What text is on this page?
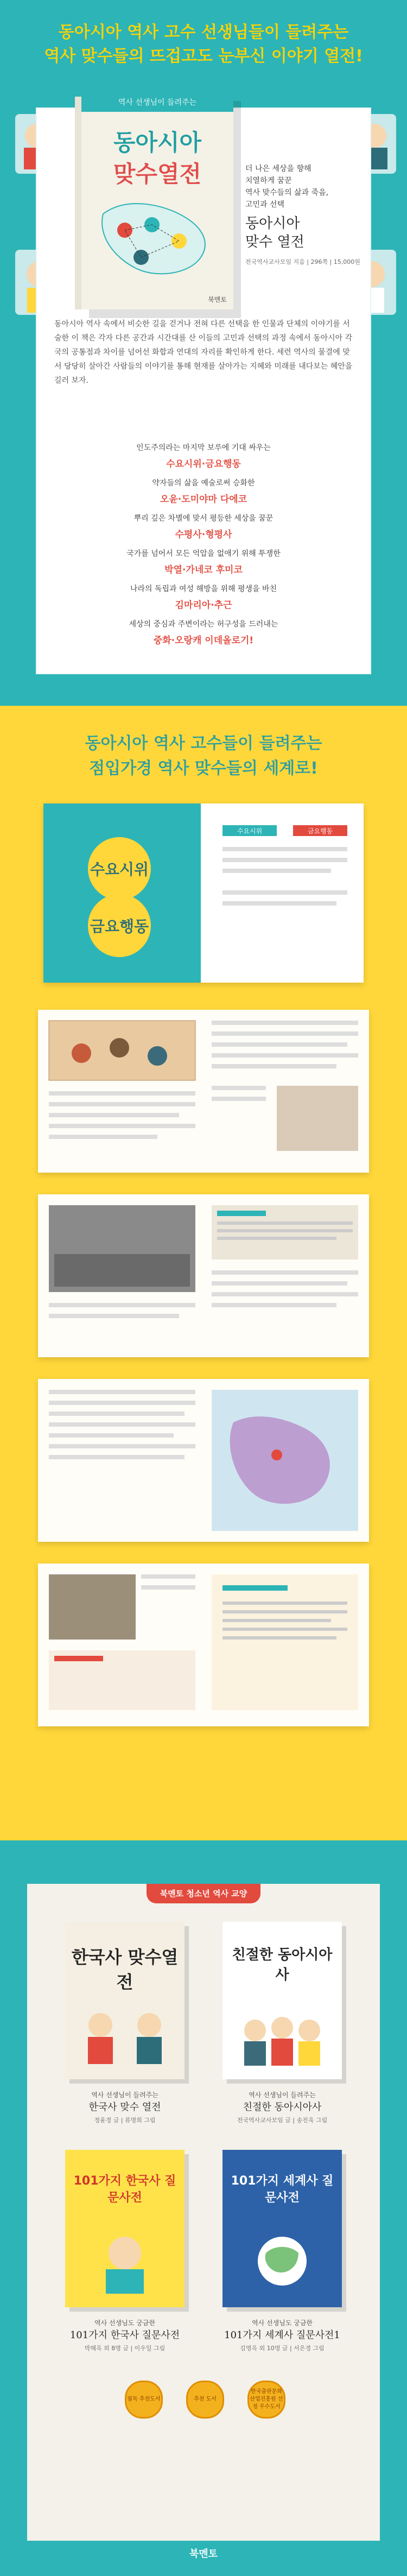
동아시아 역사 고수 선생님들이 들려주는
역사 맞수들의 뜨겁고도 눈부신 이야기 열전!
역사 선생님이 들려주는
동아시아
맞수열전
북멘토
더 나은 세상을 향해
치열하게 꿈꾼
역사 맞수들의 삶과 죽음,
고민과 선택
동아시아
맞수 열전
전국역사교사모임 지음 | 296쪽 | 15,000원
동아시아 역사 속에서 비슷한 길을 걷거나 전혀 다른 선택을 한 인물과 단체의 이야기를 서술한 이 책은 각자 다른 공간과 시간대를 산 이들의 고민과 선택의 과정 속에서 동아시아 각국의 공통점과 차이를 넘어선 화합과 연대의 자리를 확인하게 한다. 세련 역사의 물결에 맞서 당당히 살아간 사람들의 이야기를 통해 현재를 살아가는 지혜와 미래를 내다보는 혜안을 길러 보자.
인도주의라는 마지막 보루에 기대 싸우는
수요시위·금요행동
약자들의 삶을 예술로써 승화한
오윤·도미야마 다에코
뿌리 깊은 차별에 맞서 평등한 세상을 꿈꾼
수평사·형평사
국가를 넘어서 모든 억압을 없애기 위해 투쟁한
박열·가네코 후미코
나라의 독립과 여성 해방을 위해 평생을 바친
김마리아·추근
세상의 중심과 주변이라는 허구성을 드러내는
중화·오랑캐 이데올로기!
동아시아 역사 고수들이 들려주는
점입가경 역사 맞수들의 세계로!
수요시위
금요행동
수요시위	금요행동
북멘토 청소년 역사 교양
한국사 맞수열전
역사 선생님이 들려주는
한국사 맞수 열전
정윤경 글 | 류명희 그림
친절한 동아시아사
역사 선생님이 들려주는
친절한 동아시아사
전국역사교사모임 글 | 송진욱 그림
101가지 한국사 질문사전
역사 선생님도 궁금한
101가지 한국사 질문사전
박혜옥 외 8명 글 | 이우일 그림
101가지 세계사 질문사전
역사 선생님도 궁금한
101가지 세계사 질문사전1
김영옥 외 10명 글 | 서은경 그림
필독 추천도서	추천 도서
한국출판문화산업진흥원 선정 우수도서
북멘토
